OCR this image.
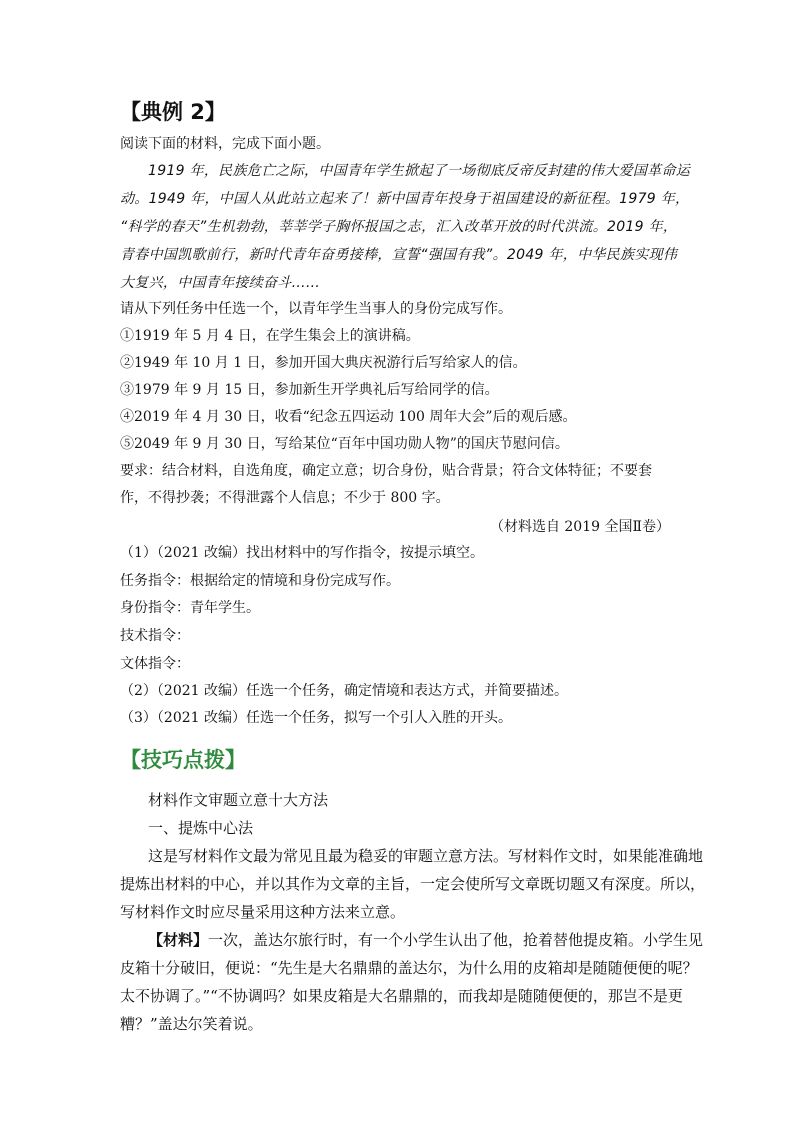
【典例 2】
阅读下面的材料，完成下面小题。
1919 年，民族危亡之际，中国青年学生掀起了一场彻底反帝反封建的伟大爱国革命运
动。1949 年，中国人从此站立起来了！新中国青年投身于祖国建设的新征程。1979 年，
“科学的春天”生机勃勃，莘莘学子胸怀报国之志，汇入改革开放的时代洪流。2019 年，
青春中国凯歌前行，新时代青年奋勇接棒，宣誓“强国有我”。2049 年，中华民族实现伟
大复兴，中国青年接续奋斗……
请从下列任务中任选一个，以青年学生当事人的身份完成写作。
①1919 年 5 月 4 日，在学生集会上的演讲稿。
②1949 年 10 月 1 日，参加开国大典庆祝游行后写给家人的信。
③1979 年 9 月 15 日，参加新生开学典礼后写给同学的信。
④2019 年 4 月 30 日，收看“纪念五四运动 100 周年大会”后的观后感。
⑤2049 年 9 月 30 日，写给某位“百年中国功勋人物”的国庆节慰问信。
要求：结合材料，自选角度，确定立意；切合身份，贴合背景；符合文体特征；不要套
作，不得抄袭；不得泄露个人信息；不少于 800 字。
（材料选自 2019 全国Ⅱ卷）
（1）（2021 改编）找出材料中的写作指令，按提示填空。
任务指令：根据给定的情境和身份完成写作。
身份指令：青年学生。
技术指令：
文体指令：
（2）（2021 改编）任选一个任务，确定情境和表达方式，并简要描述。
（3）（2021 改编）任选一个任务，拟写一个引人入胜的开头。
【技巧点拨】
材料作文审题立意十大方法
一、提炼中心法
这是写材料作文最为常见且最为稳妥的审题立意方法。写材料作文时，如果能准确地
提炼出材料的中心，并以其作为文章的主旨，一定会使所写文章既切题又有深度。所以，
写材料作文时应尽量采用这种方法来立意。
【材料】一次，盖达尔旅行时，有一个小学生认出了他，抢着替他提皮箱。小学生见
皮箱十分破旧，便说：“先生是大名鼎鼎的盖达尔，为什么用的皮箱却是随随便便的呢？
太不协调了。”“不协调吗？如果皮箱是大名鼎鼎的，而我却是随随便便的，那岂不是更
糟？”盖达尔笑着说。
